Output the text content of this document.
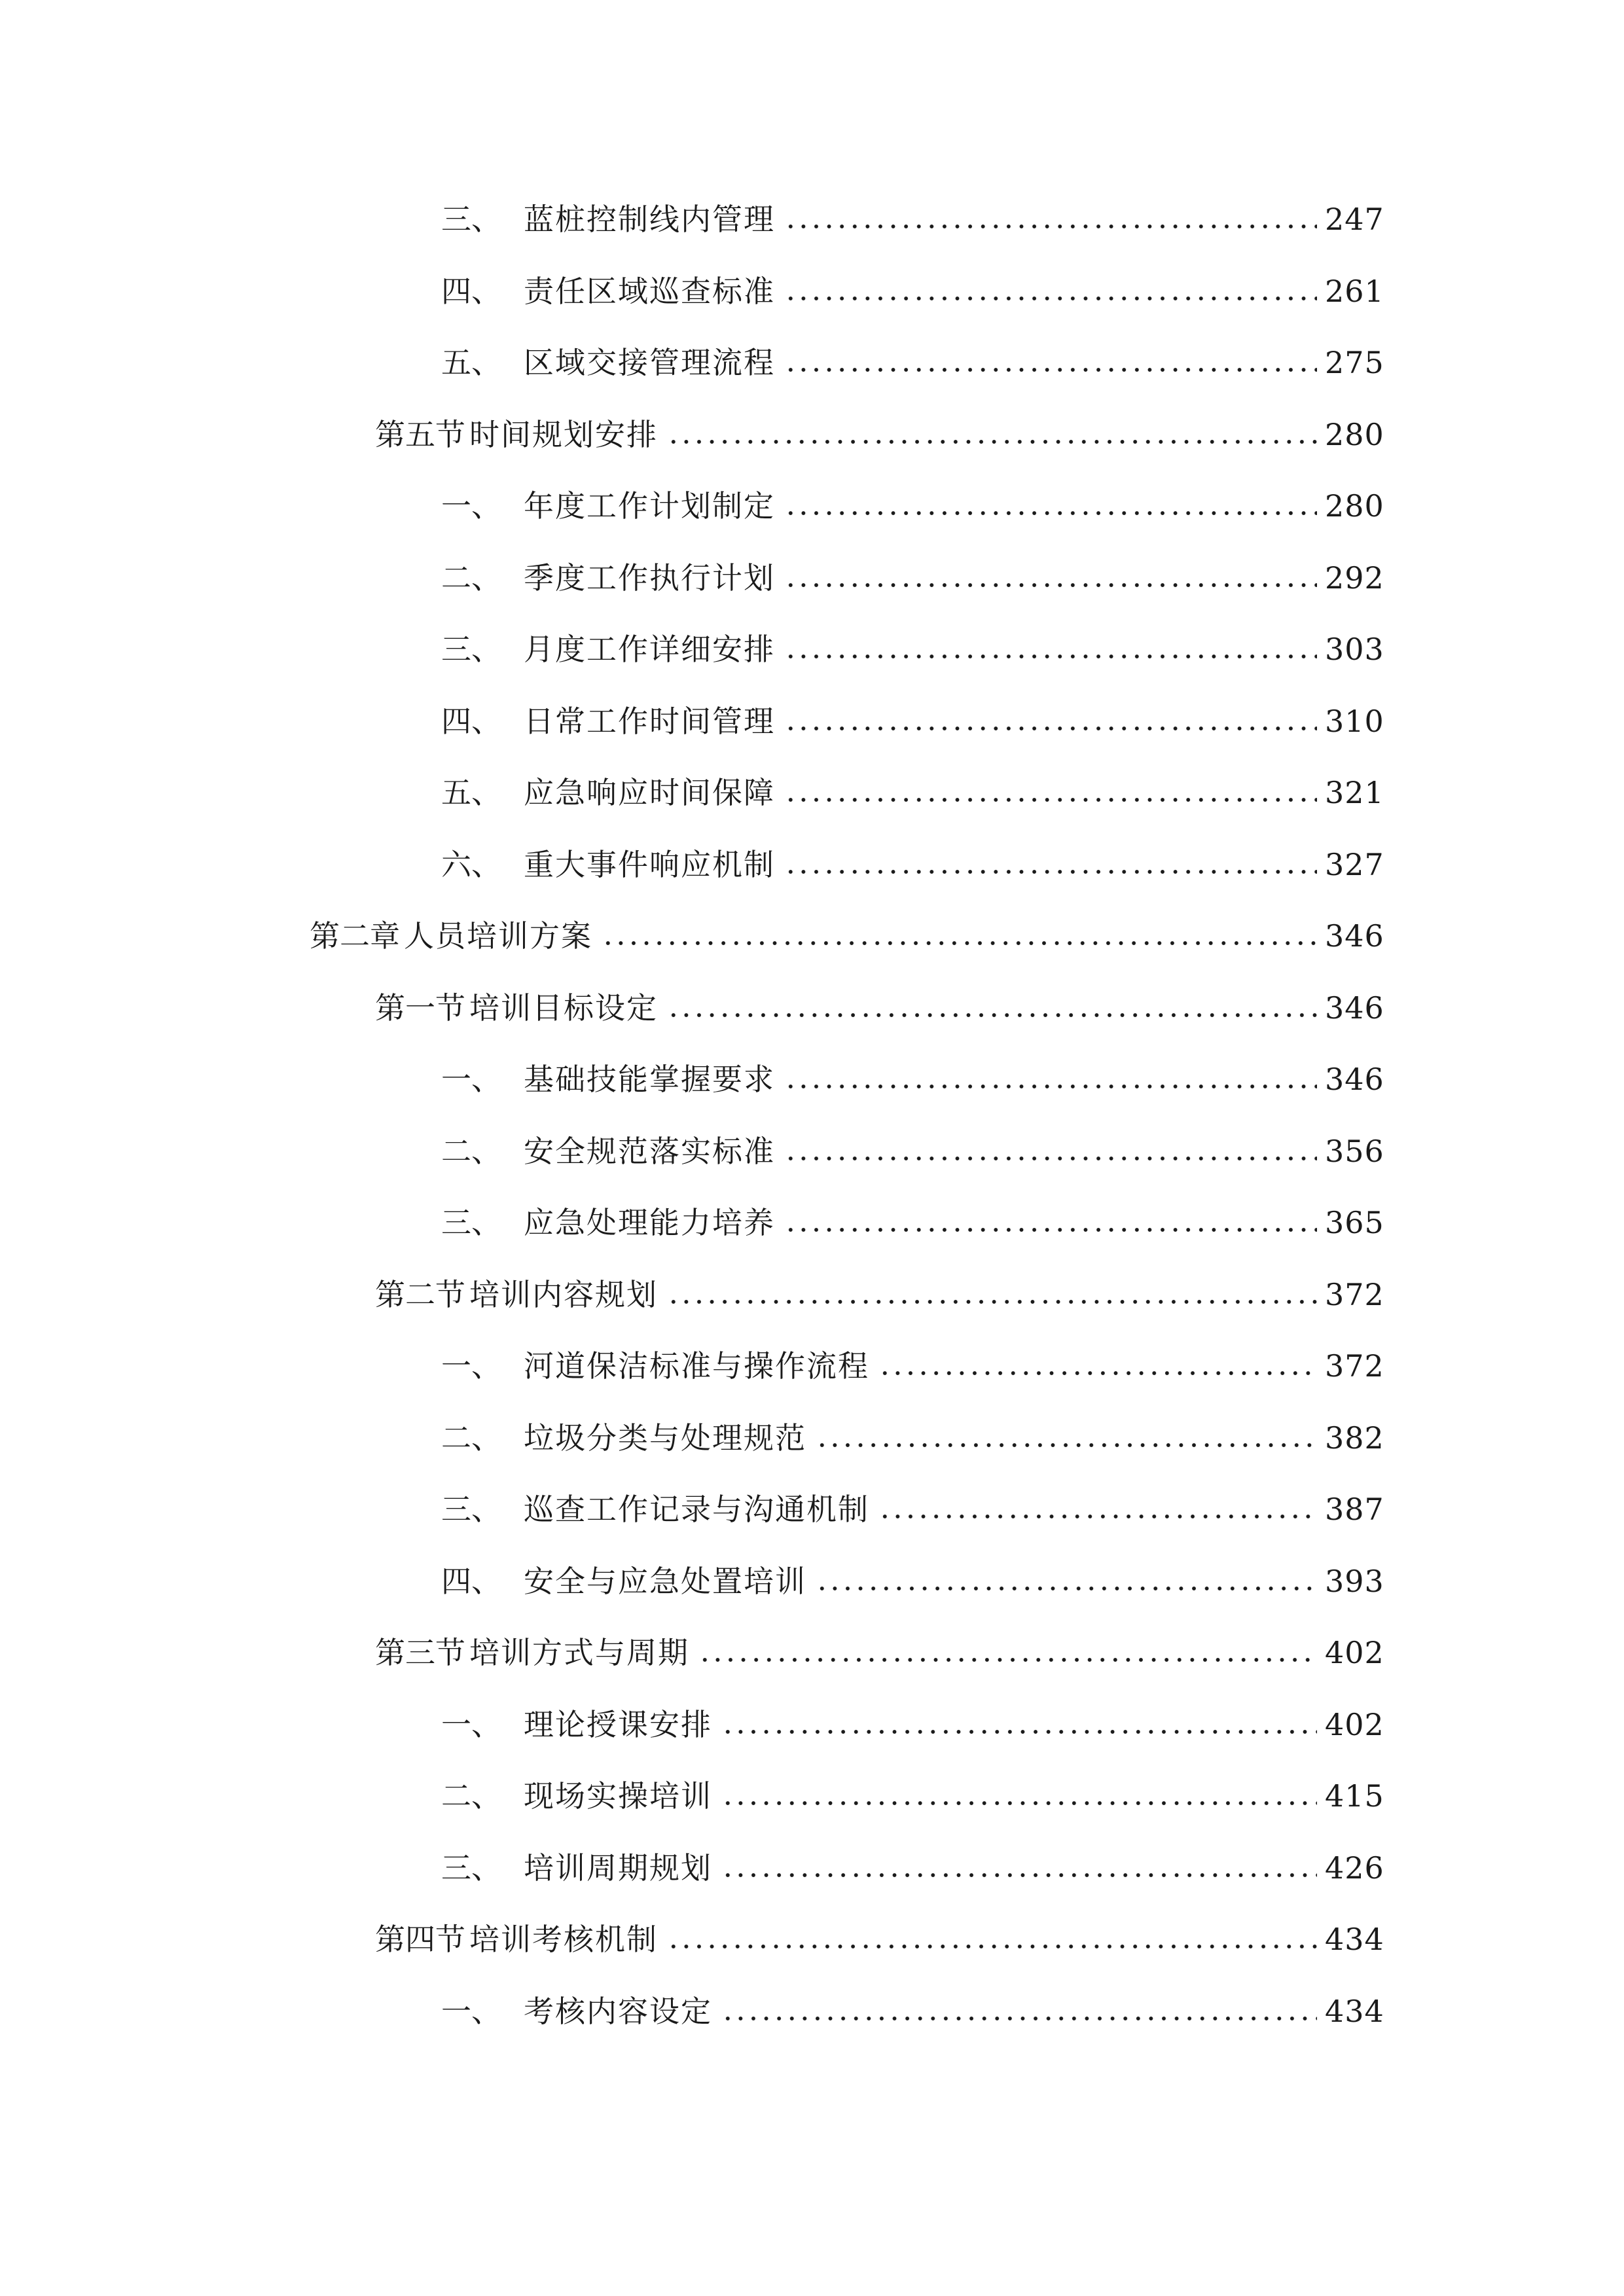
三、 蓝桩控制线内管理	247
四、 责任区域巡查标准	261
五、 区域交接管理流程	275
第五节 时间规划安排	280
一、 年度工作计划制定	280
二、 季度工作执行计划	292
三、 月度工作详细安排	303
四、 日常工作时间管理	310
五、 应急响应时间保障	321
六、 重大事件响应机制	327
第二章 人员培训方案	346
第一节 培训目标设定	346
一、 基础技能掌握要求	346
二、 安全规范落实标准	356
三、 应急处理能力培养	365
第二节 培训内容规划	372
一、 河道保洁标准与操作流程	372
二、 垃圾分类与处理规范	382
三、 巡查工作记录与沟通机制	387
四、 安全与应急处置培训	393
第三节 培训方式与周期	402
一、 理论授课安排	402
二、 现场实操培训	415
三、 培训周期规划	426
第四节 培训考核机制	434
一、 考核内容设定	434
